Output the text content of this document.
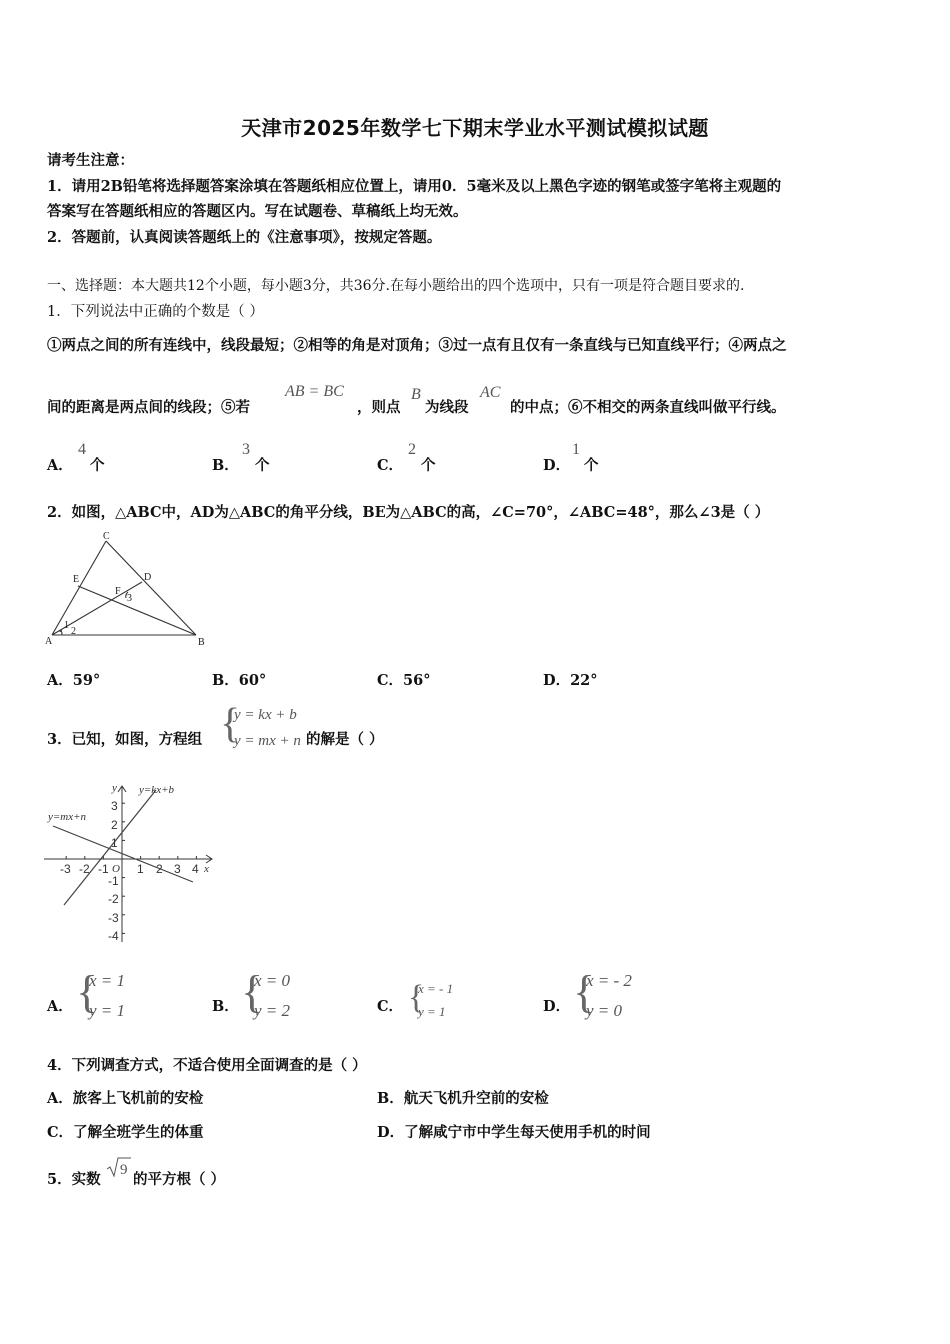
天津市2025年数学七下期末学业水平测试模拟试题
请考生注意：
1．请用2B铅笔将选择题答案涂填在答题纸相应位置上，请用0．5毫米及以上黑色字迹的钢笔或签字笔将主观题的
答案写在答题纸相应的答题区内。写在试题卷、草稿纸上均无效。
2．答题前，认真阅读答题纸上的《注意事项》，按规定答题。
一、选择题：本大题共12个小题，每小题3分，共36分.在每小题给出的四个选项中，只有一项是符合题目要求的.
1．下列说法中正确的个数是（ ）
①两点之间的所有连线中，线段最短；②相等的角是对顶角；③过一点有且仅有一条直线与已知直线平行；④两点之
间的距离是两点间的线段；⑤若
AB = BC
，则点
B
为线段
AC
的中点；⑥不相交的两条直线叫做平行线。
A．
4
个	B．
3
个	C．
2
个	D．
1
个
2．如图，△ABC中，AD为△ABC的角平分线，BE为△ABC的高，∠C=70°，∠ABC=48°，那么∠3是（ ）
C
E	D
F
3
1
2
A	B
A．59°	B．60°	C．56°	D．22°
3．已知，如图，方程组 {
y = kx + b
y = mx + n 的解是（ ）
y=kx+b
y=mx+n
x
y
O
-3 -2 -1 1 2 3 4
3
2
1
-1
-2
-3
-4
A． {
x = 1
y = 1	B． {
x = 0
y = 2	C． {
x = - 1
y = 1	D． {
x = - 2
y = 0
4．下列调查方式，不适合使用全面调查的是（ ）
A．旅客上飞机前的安检	B．航天飞机升空前的安检
C．了解全班学生的体重	D．了解咸宁市中学生每天使用手机的时间
5．实数
9
的平方根（ ）
